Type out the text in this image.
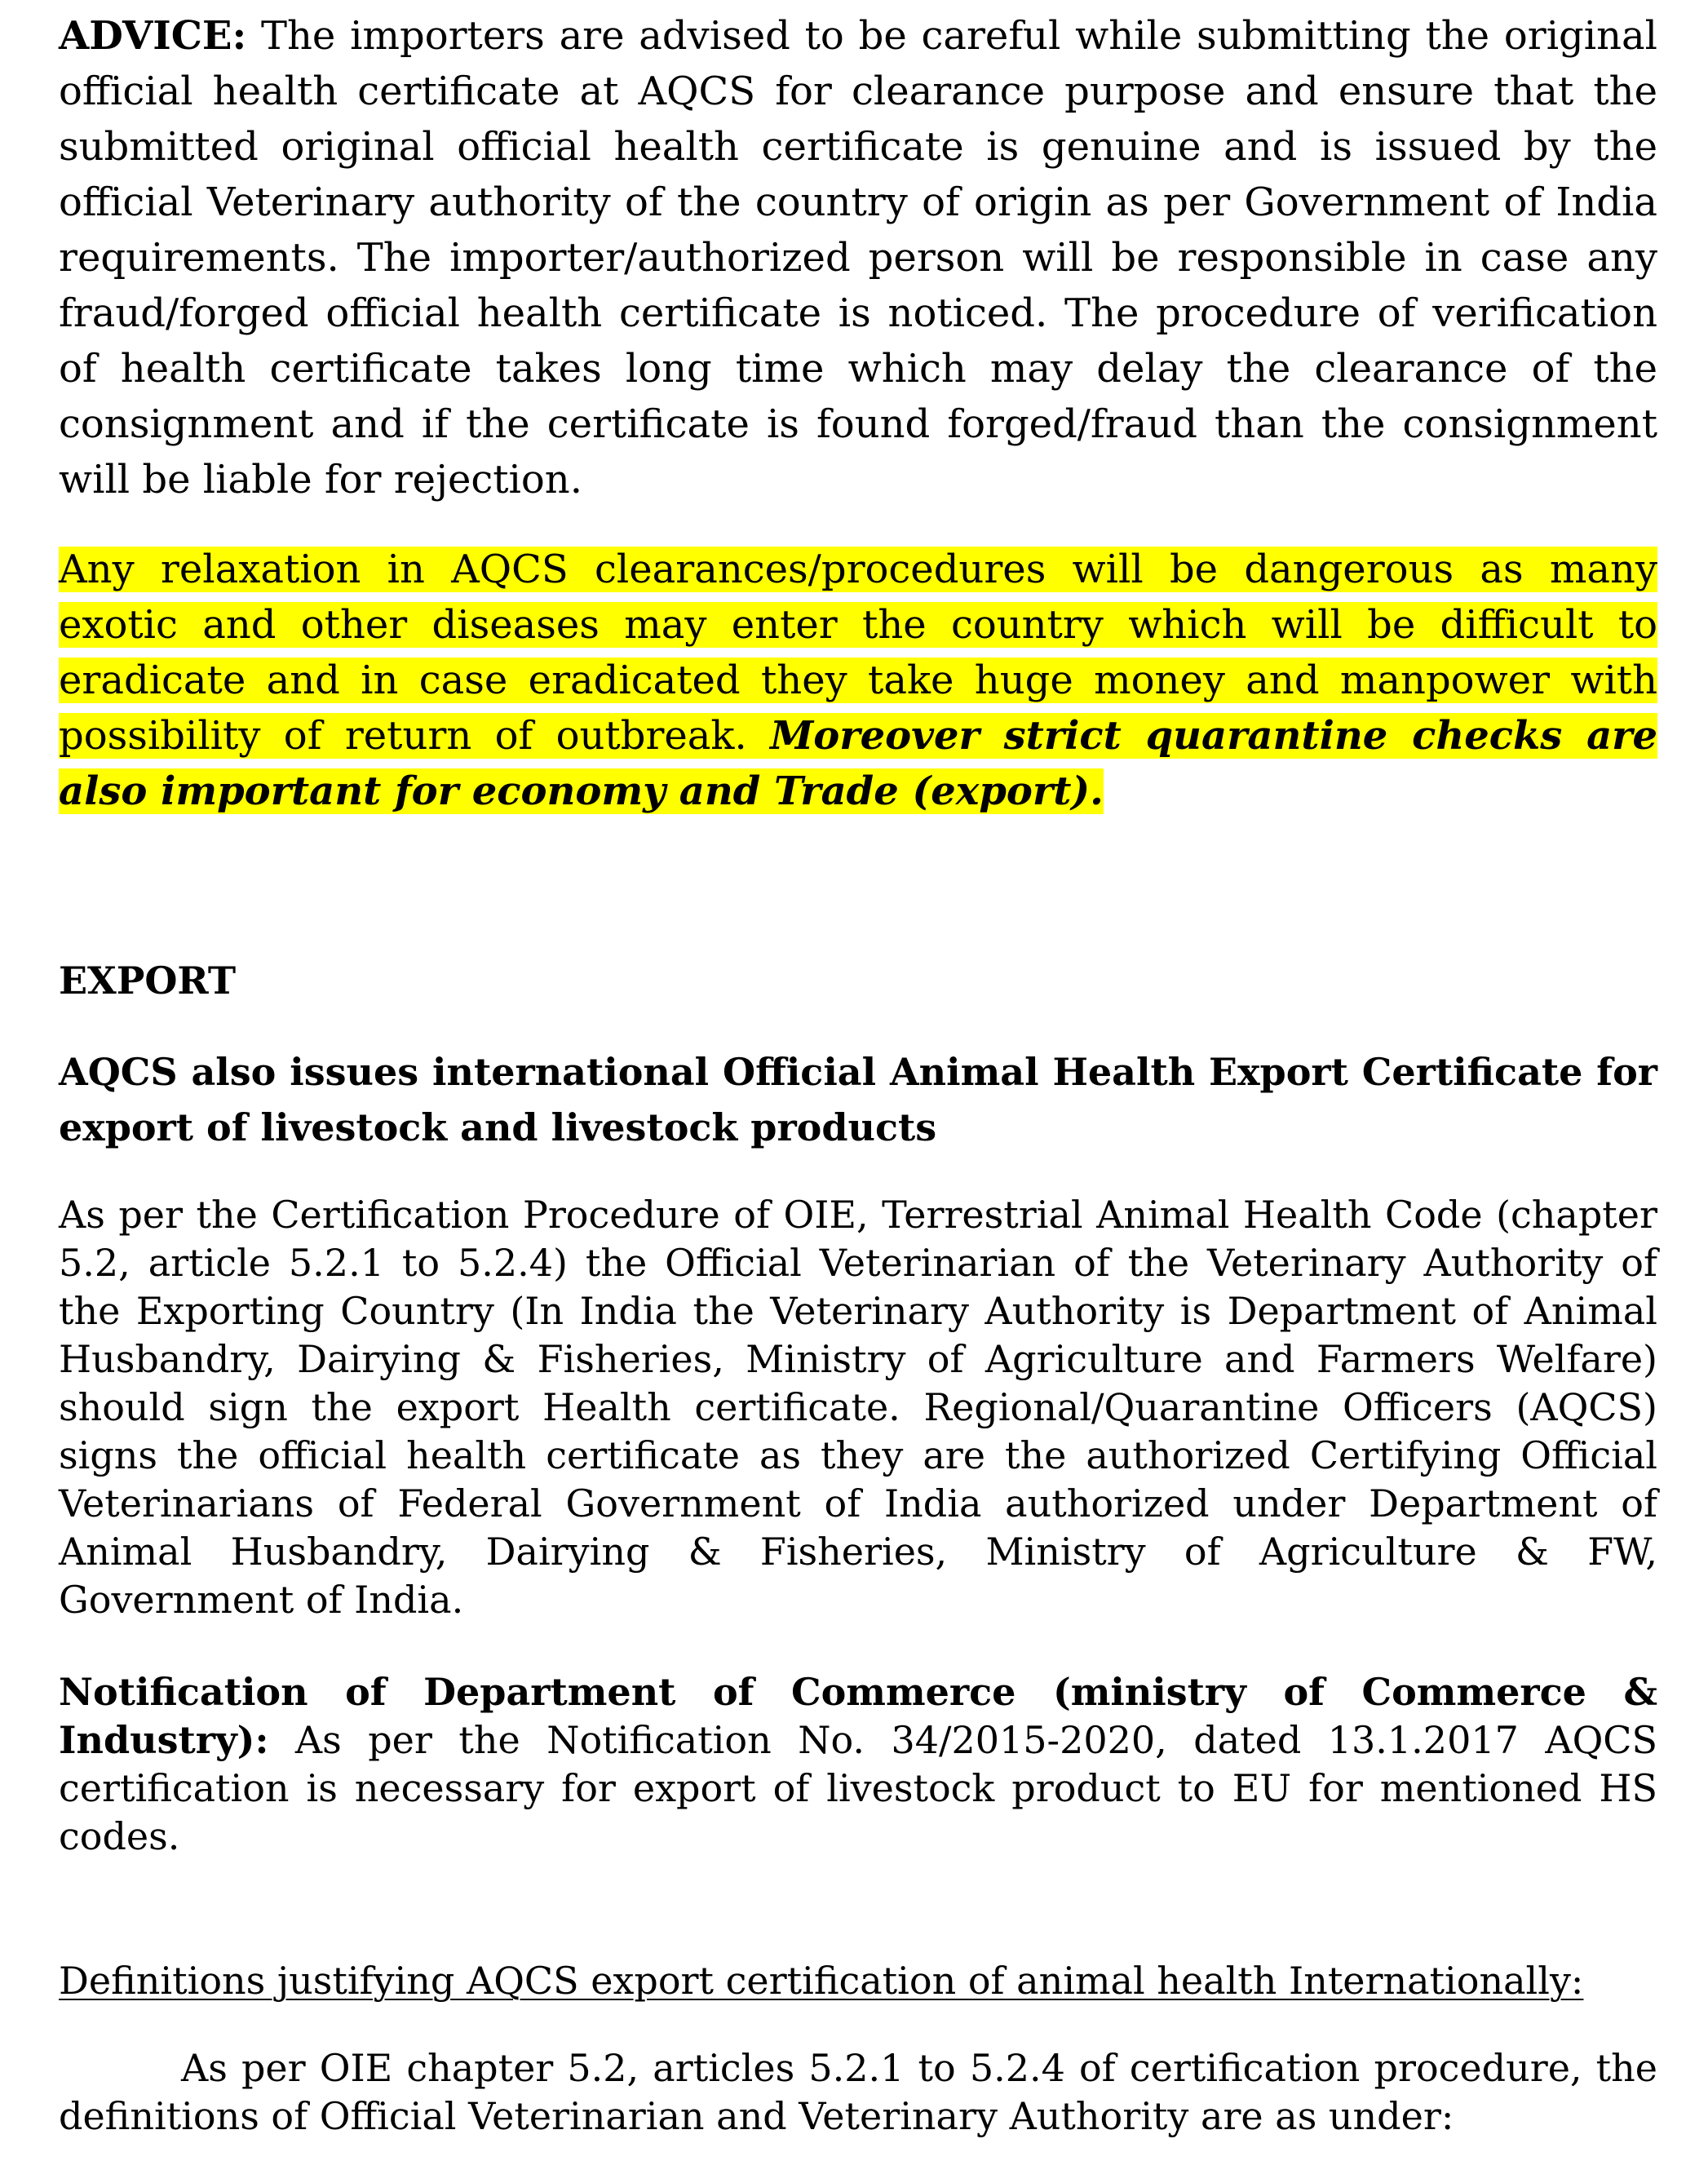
ADVICE: The importers are advised to be careful while submitting the original official health certificate at AQCS for clearance purpose and ensure that the submitted original official health certificate is genuine and is issued by the official Veterinary authority of the country of origin as per Government of India requirements. The importer/authorized person will be responsible in case any fraud/forged official health certificate is noticed. The procedure of verification of health certificate takes long time which may delay the clearance of the consignment and if the certificate is found forged/fraud than the consignment will be liable for rejection.

Any relaxation in AQCS clearances/procedures will be dangerous as many exotic and other diseases may enter the country which will be difficult to eradicate and in case eradicated they take huge money and manpower with possibility of return of outbreak. Moreover strict quarantine checks are also important for economy and Trade (export).

EXPORT

AQCS also issues international Official Animal Health Export Certificate for export of livestock and livestock products

As per the Certification Procedure of OIE, Terrestrial Animal Health Code (chapter 5.2, article 5.2.1 to 5.2.4) the Official Veterinarian of the Veterinary Authority of the Exporting Country (In India the Veterinary Authority is Department of Animal Husbandry, Dairying & Fisheries, Ministry of Agriculture and Farmers Welfare) should sign the export Health certificate. Regional/Quarantine Officers (AQCS) signs the official health certificate as they are the authorized Certifying Official Veterinarians of Federal Government of India authorized under Department of Animal Husbandry, Dairying & Fisheries, Ministry of Agriculture & FW, Government of India.

Notification of Department of Commerce (ministry of Commerce & Industry): As per the Notification No. 34/2015-2020, dated 13.1.2017 AQCS certification is necessary for export of livestock product to EU for mentioned HS codes.

Definitions justifying AQCS export certification of animal health Internationally:

As per OIE chapter 5.2, articles 5.2.1 to 5.2.4 of certification procedure, the definitions of Official Veterinarian and Veterinary Authority are as under:
